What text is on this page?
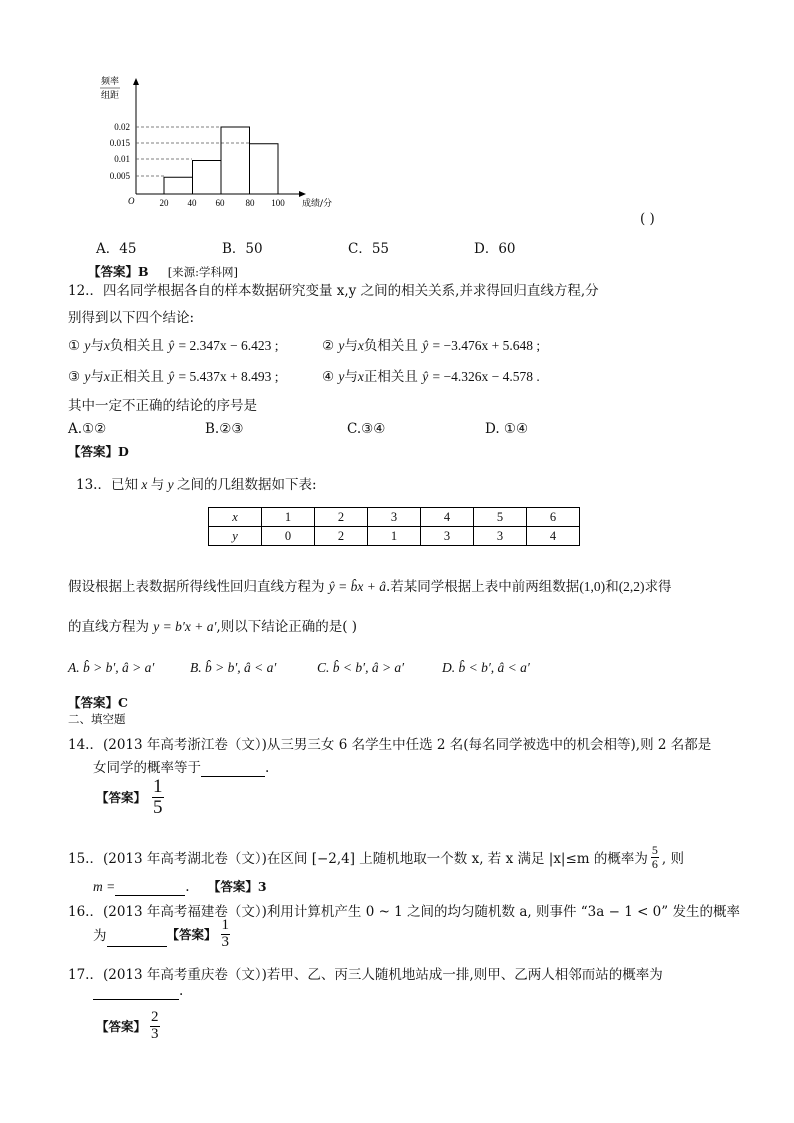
频率
组距
0.02
0.015
0.01
0.005
O	20 40 60 80 100 成绩/分
( )
A．45	B．50	C．55	D．60
【答案】B [来源:学科网]
12.．四名同学根据各自的样本数据研究变量 x,y 之间的相关关系,并求得回归直线方程,分
别得到以下四个结论:
① y与x负相关且 ŷ = 2.347x − 6.423 ;	② y与x负相关且 ŷ = −3.476x + 5.648 ;
③ y与x正相关且 ŷ = 5.437x + 8.493 ;	④ y与x正相关且 ŷ = −4.326x − 4.578 .
其中一定不正确的结论的序号是
A.①②	B.②③	C.③④	D. ①④
【答案】D
13.．已知 x 与 y 之间的几组数据如下表:
x	1	2	3	4	5	6
y	0	2	1	3	3	4
假设根据上表数据所得线性回归直线方程为 ŷ = b̂x + â.若某同学根据上表中前两组数据(1,0)和(2,2)求得
的直线方程为 y = b′x + a′,则以下结论正确的是( )
A. b̂ > b′, â > a′	B. b̂ > b′, â < a′	C. b̂ < b′, â > a′	D. b̂ < b′, â < a′
【答案】C
二、填空题
14.．(2013 年高考浙江卷（文）)从三男三女 6 名学生中任选 2 名(每名同学被选中的机会相等),则 2 名都是
女同学的概率等于	.
【答案】 $\frac{1}{5}$
15.．(2013 年高考湖北卷（文）)在区间 [−2,4] 上随机地取一个数 x, 若 x 满足 |x|≤m 的概率为 $\frac{5}{6}$ , 则
m =	. 【答案】3
16.．(2013 年高考福建卷（文）)利用计算机产生 0 ~ 1 之间的均匀随机数 a, 则事件 “3a − 1 < 0” 发生的概率
为
	【答案】 $\frac{1}{3}$
17.．(2013 年高考重庆卷（文）)若甲、乙、丙三人随机地站成一排,则甲、乙两人相邻而站的概率为
.
【答案】 $\frac{2}{3}$
